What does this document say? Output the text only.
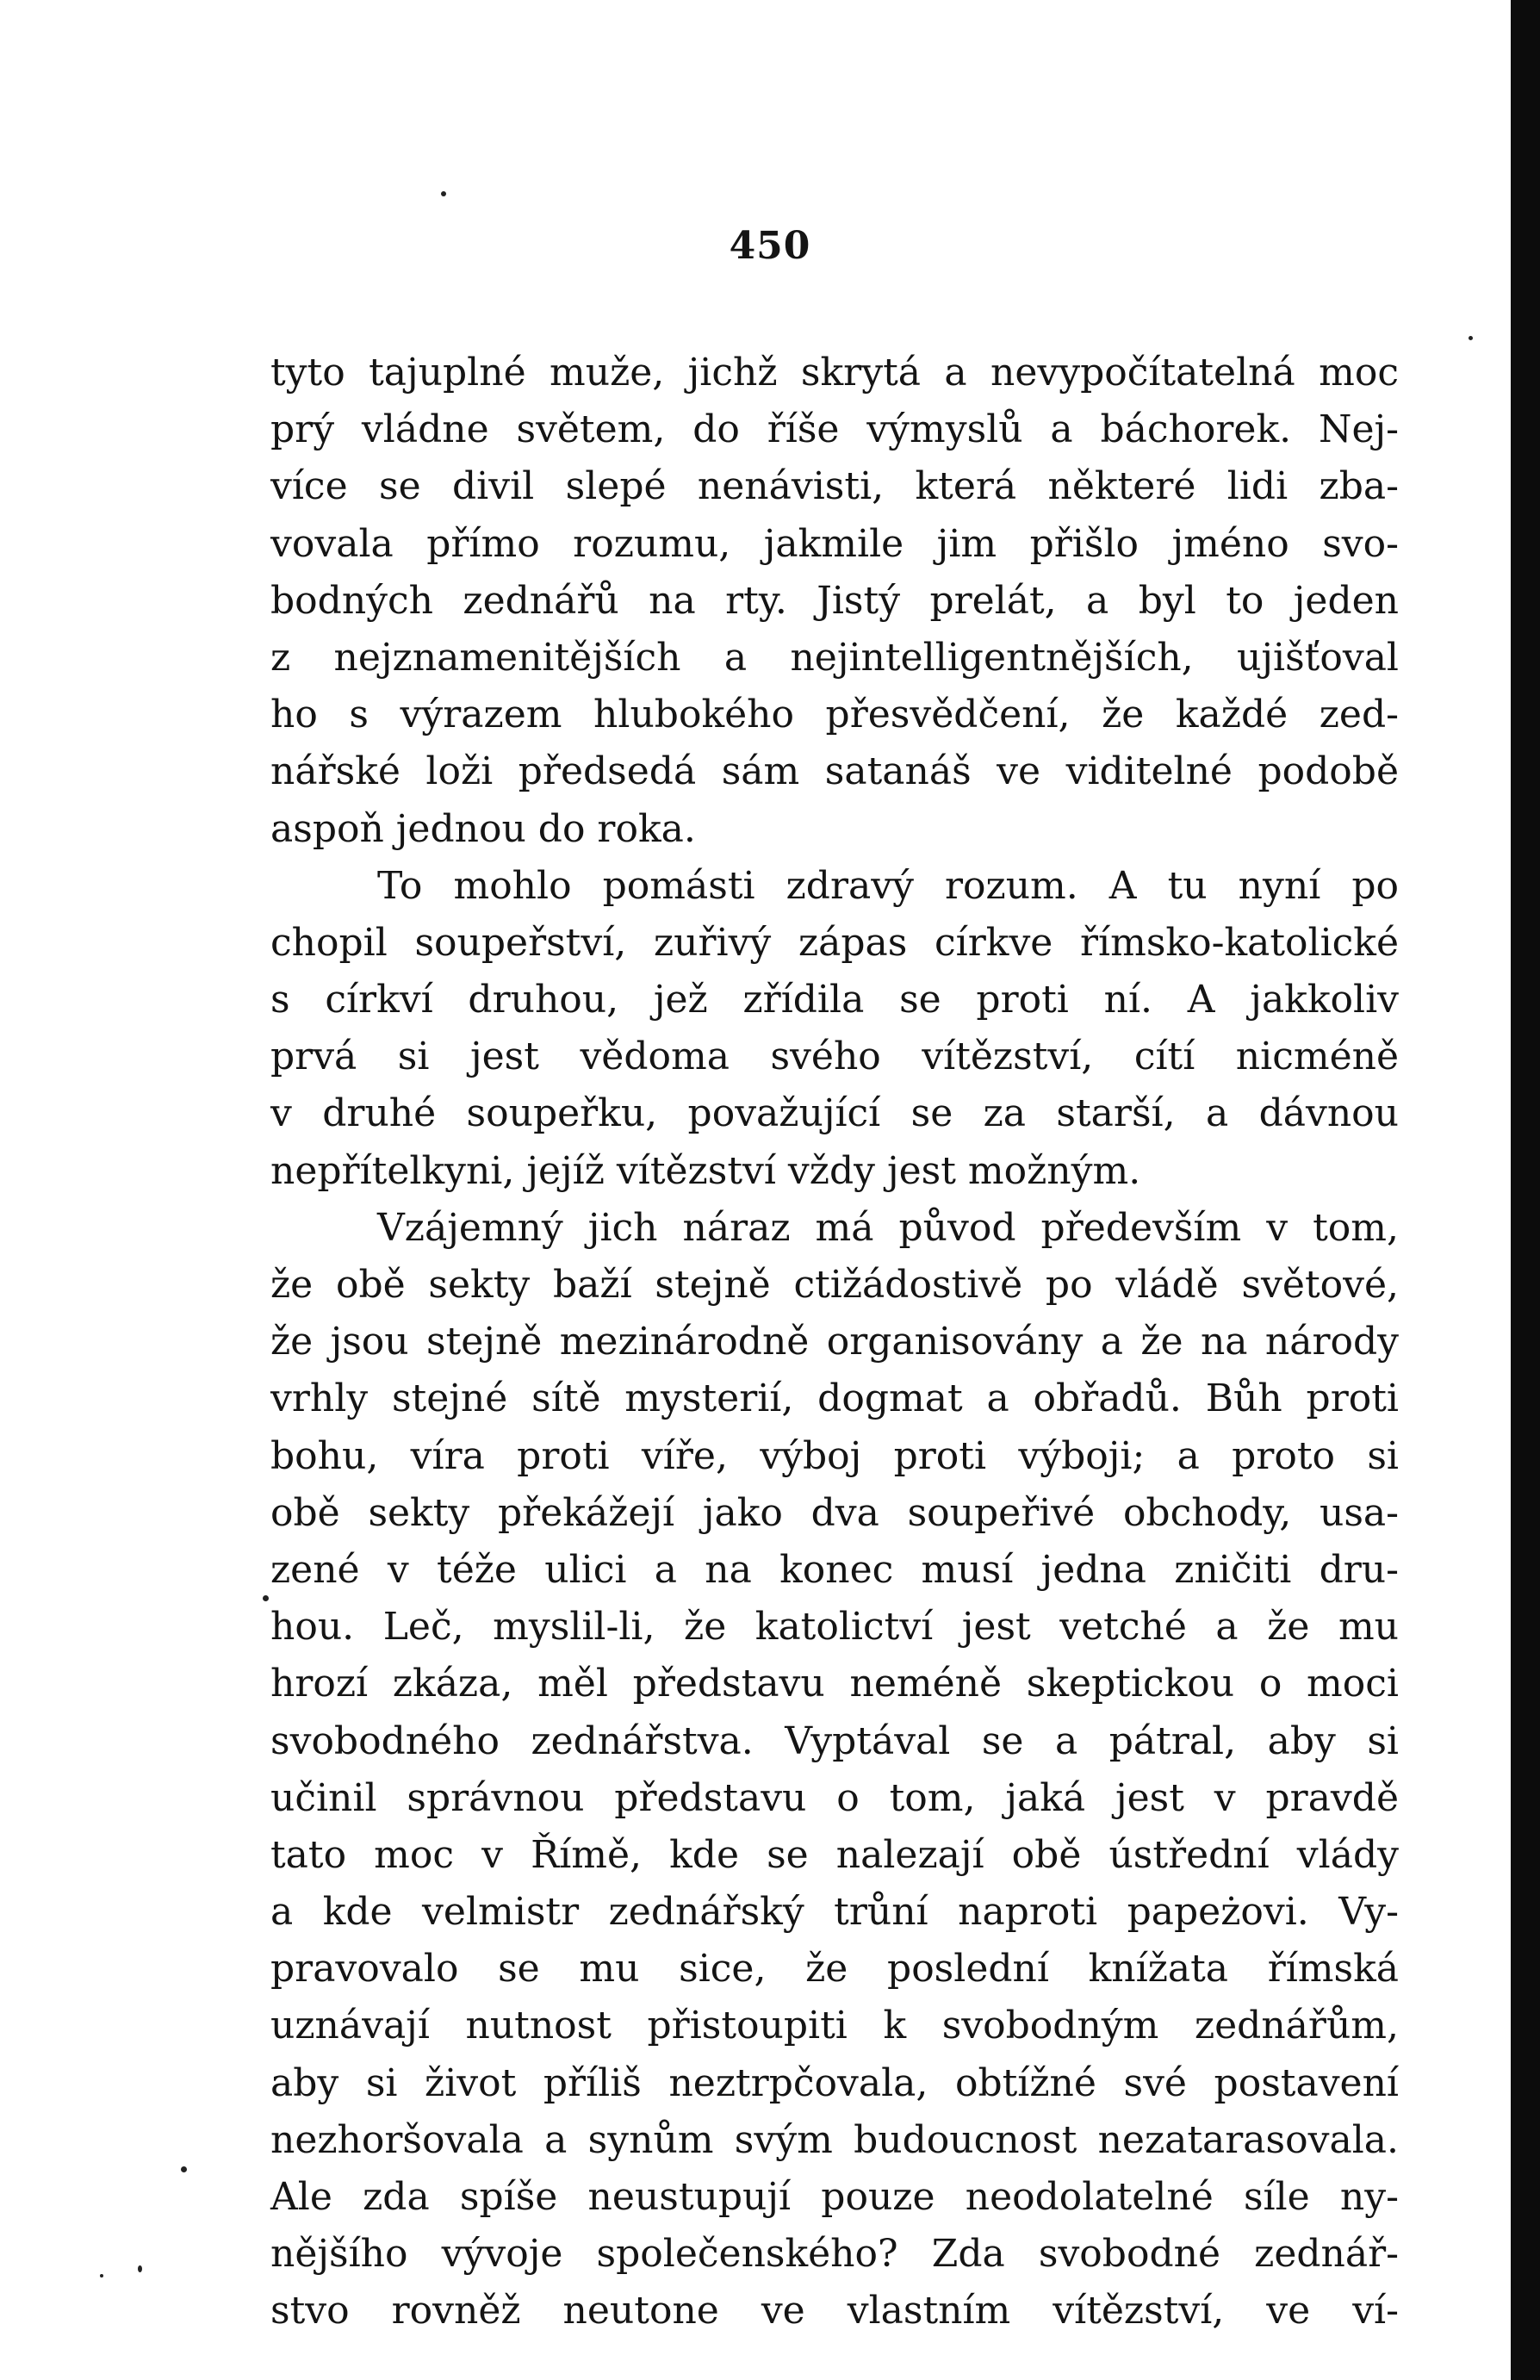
450
tyto tajuplné muže, jichž skrytá a nevypočítatelná moc
prý vládne světem, do říše výmyslů a báchorek. Nej-
více se divil slepé nenávisti, která některé lidi zba-
vovala přímo rozumu, jakmile jim přišlo jméno svo-
bodných zednářů na rty. Jistý prelát, a byl to jeden
z nejznamenitějších a nejintelligentnějších, ujišťoval
ho s výrazem hlubokého přesvědčení, že každé zed-
nářské loži předsedá sám satanáš ve viditelné podobě
aspoň jednou do roka.
To mohlo pomásti zdravý rozum. A tu nyní po
chopil soupeřství, zuřivý zápas církve římsko-katolické
s církví druhou, jež zřídila se proti ní. A jakkoliv
prvá si jest vědoma svého vítězství, cítí nicméně
v druhé soupeřku, považující se za starší, a dávnou
nepřítelkyni, jejíž vítězství vždy jest možným.
Vzájemný jich náraz má původ především v tom,
že obě sekty baží stejně ctižádostivě po vládě světové,
že jsou stejně mezinárodně organisovány a že na národy
vrhly stejné sítě mysterií, dogmat a obřadů. Bůh proti
bohu, víra proti víře, výboj proti výboji; a proto si
obě sekty překážejí jako dva soupeřivé obchody, usa-
zené v téže ulici a na konec musí jedna zničiti dru-
hou. Leč, myslil-li, že katolictví jest vetché a že mu
hrozí zkáza, měl představu neméně skeptickou o moci
svobodného zednářstva. Vyptával se a pátral, aby si
učinil správnou představu o tom, jaká jest v pravdě
tato moc v Římě, kde se nalezají obě ústřední vlády
a kde velmistr zednářský trůní naproti papeżovi. Vy-
pravovalo se mu sice, že poslední knížata římská
uznávají nutnost přistoupiti k svobodným zednářům,
aby si život příliš neztrpčovala, obtížné své postavení
nezhoršovala a synům svým budoucnost nezatarasovala.
Ale zda spíše neustupují pouze neodolatelné síle ny-
nějšího vývoje společenského? Zda svobodné zednář-
stvo rovněž neutone ve vlastním vítězství, ve ví-
